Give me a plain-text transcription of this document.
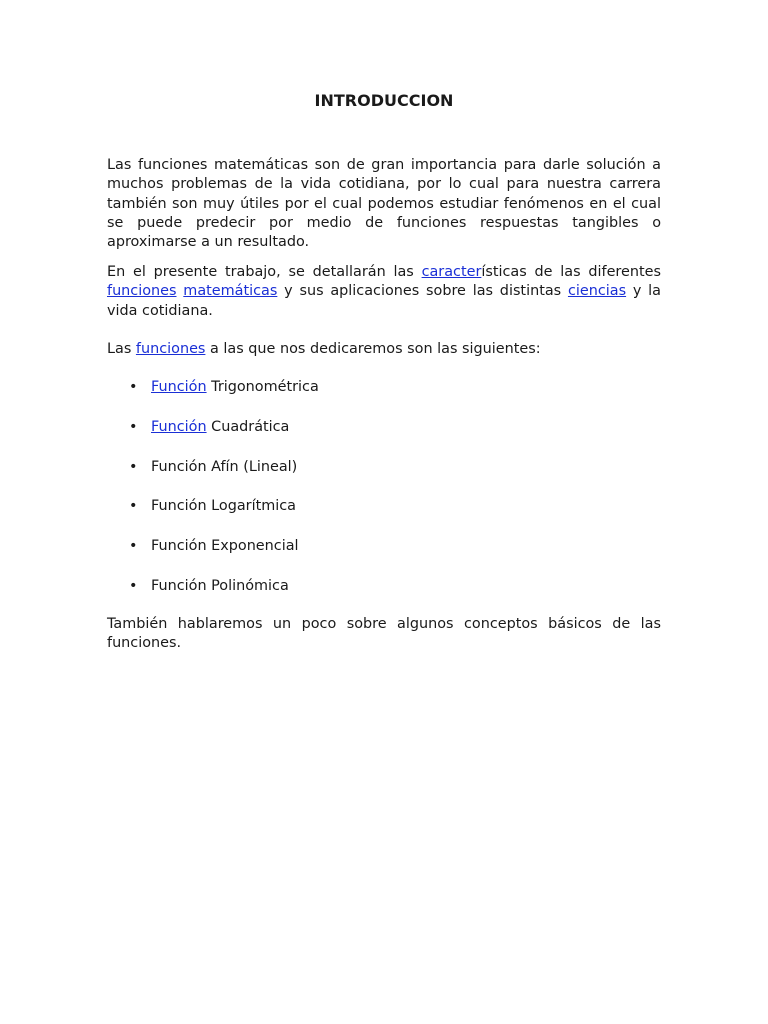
INTRODUCCION

Las funciones matemáticas son de gran importancia para darle solución a muchos problemas de la vida cotidiana, por lo cual para nuestra carrera también son muy útiles por el cual podemos estudiar fenómenos en el cual se puede predecir por medio de funciones respuestas tangibles o aproximarse a un resultado.

En el presente trabajo, se detallarán las características de las diferentes funciones matemáticas y sus aplicaciones sobre las distintas ciencias y la vida cotidiana.

Las funciones a las que nos dedicaremos son las siguientes:

• Función Trigonométrica
• Función Cuadrática
• Función Afín (Lineal)
• Función Logarítmica
• Función Exponencial
• Función Polinómica

También hablaremos un poco sobre algunos conceptos básicos de las funciones.
